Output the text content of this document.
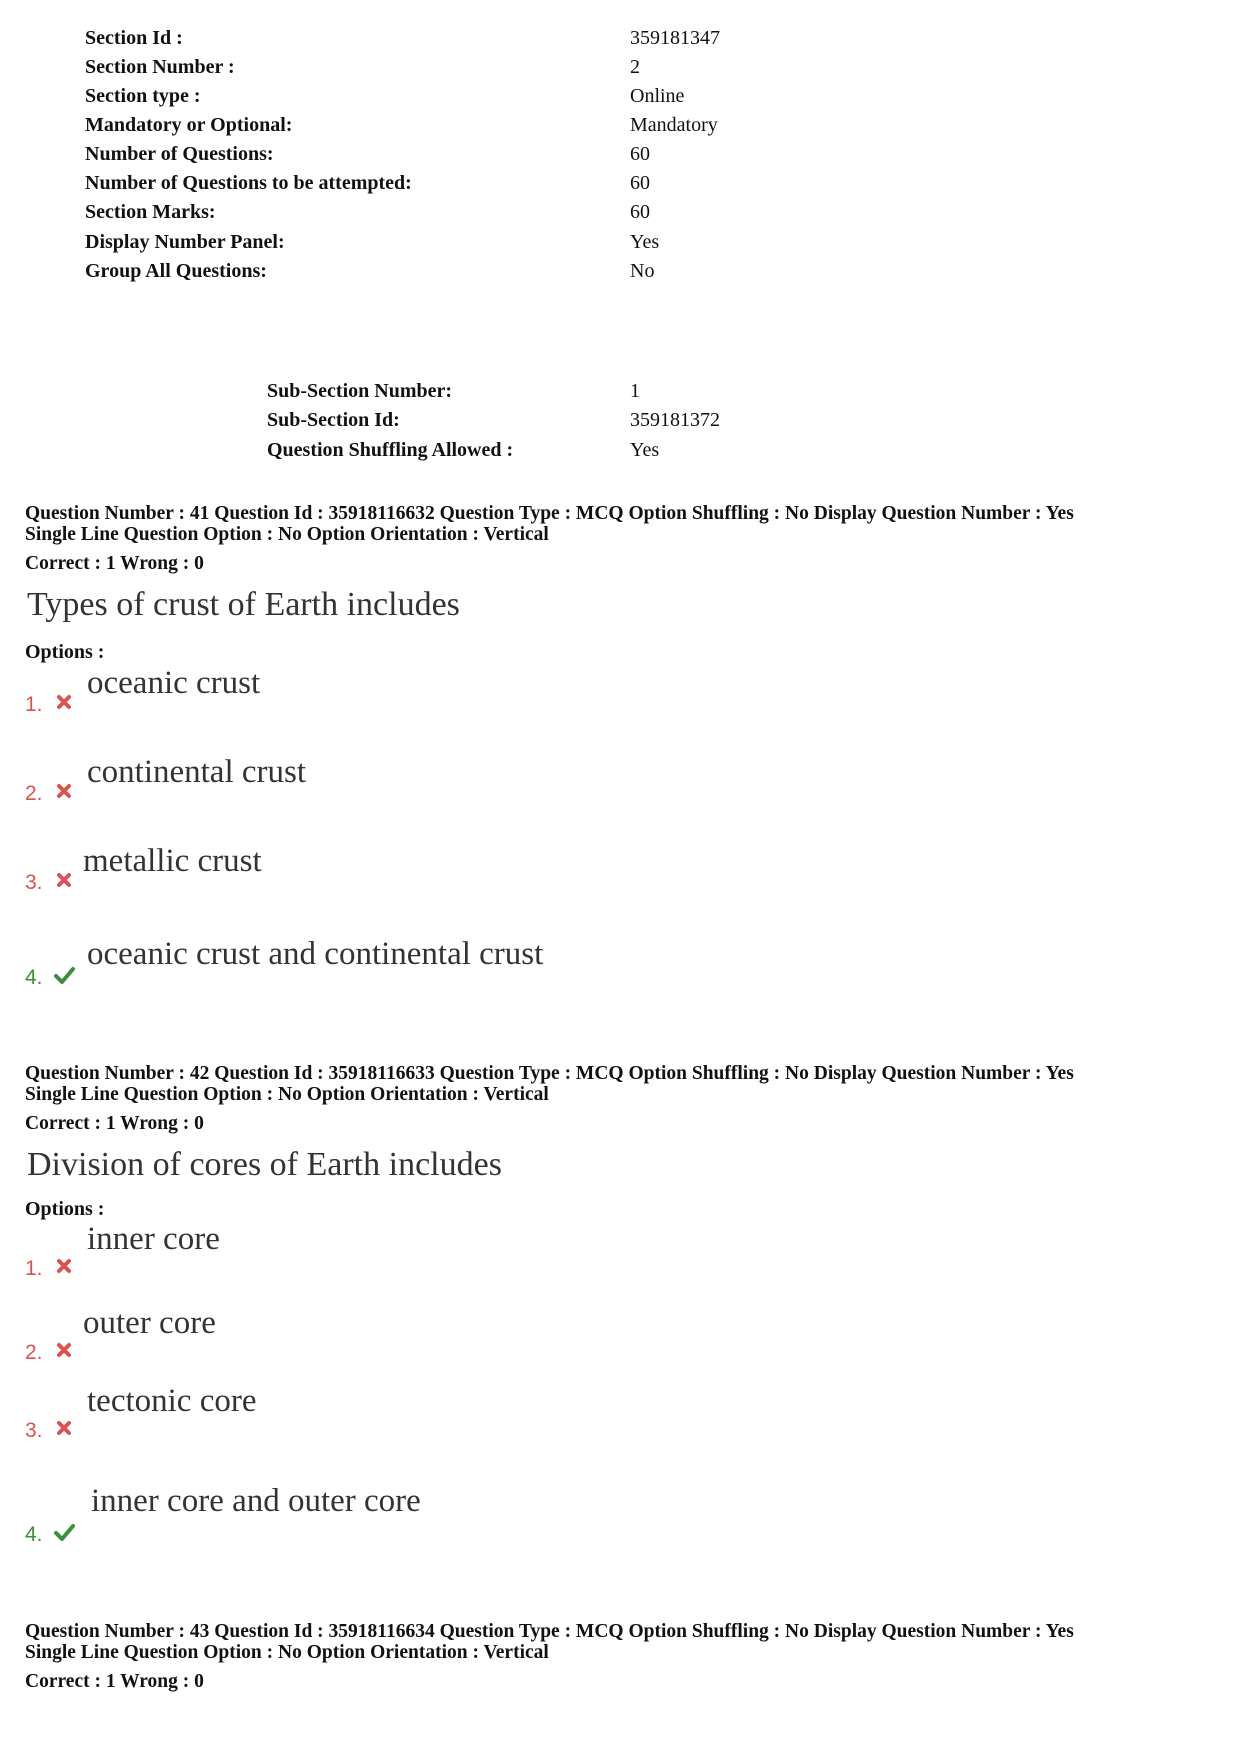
Section Id :	359181347
Section Number :	2
Section type :	Online
Mandatory or Optional:	Mandatory
Number of Questions:	60
Number of Questions to be attempted:	60
Section Marks:	60
Display Number Panel:	Yes
Group All Questions:	No
Sub-Section Number:	1
Sub-Section Id:	359181372
Question Shuffling Allowed :	Yes
Question Number : 41 Question Id : 35918116632 Question Type : MCQ Option Shuffling : No Display Question Number : Yes
Single Line Question Option : No Option Orientation : Vertical
Correct : 1 Wrong : 0
Types of crust of Earth includes
Options :
1.
oceanic crust
2.
continental crust
3.
metallic crust
4.
oceanic crust and continental crust
Question Number : 42 Question Id : 35918116633 Question Type : MCQ Option Shuffling : No Display Question Number : Yes
Single Line Question Option : No Option Orientation : Vertical
Correct : 1 Wrong : 0
Division of cores of Earth includes
Options :
1.
inner core
2.
outer core
3.
tectonic core
4.
inner core and outer core
Question Number : 43 Question Id : 35918116634 Question Type : MCQ Option Shuffling : No Display Question Number : Yes
Single Line Question Option : No Option Orientation : Vertical
Correct : 1 Wrong : 0
